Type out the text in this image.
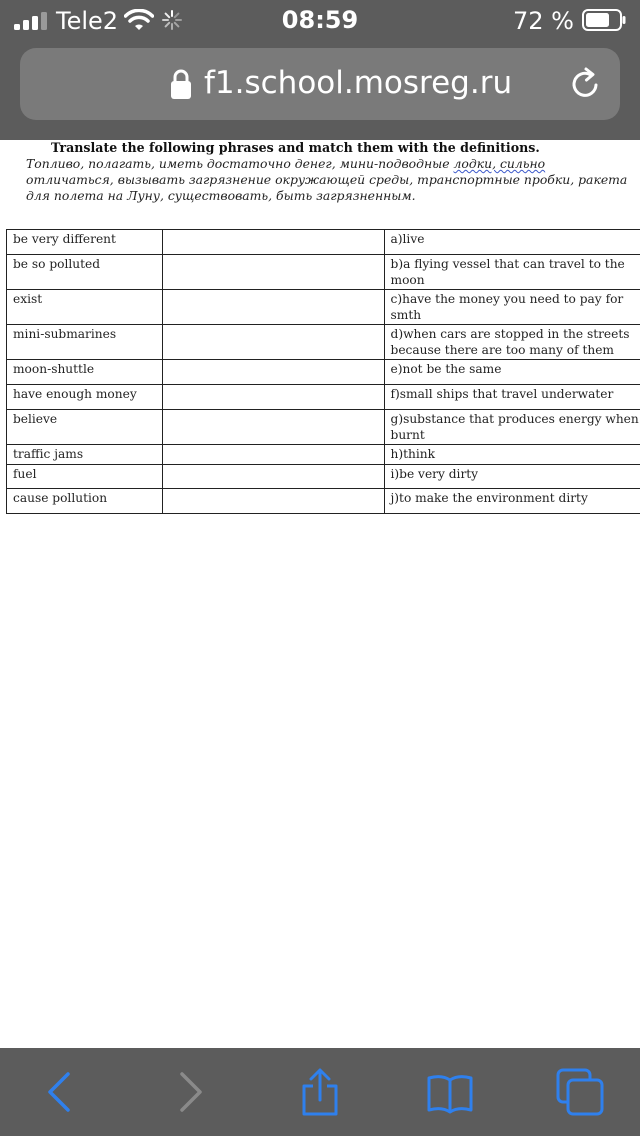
Tele2	08:59	72 %
f1.school.mosreg.ru
Translate the following phrases and match them with the definitions.
Топливо, полагать, иметь достаточно денег, мини-подводные лодки, сильно
отличаться, вызывать загрязнение окружающей среды, транспортные пробки, ракета
для полета на Луну, существовать, быть загрязненным.
be very different		a)live
be so polluted		b)a flying vessel that can travel to the moon
exist		c)have the money you need to pay for smth
mini-submarines		d)when cars are stopped in the streets because there are too many of them
moon-shuttle		e)not be the same
have enough money		f)small ships that travel underwater
believe		g)substance that produces energy when burnt
traffic jams		h)think
fuel		i)be very dirty
cause pollution		j)to make the environment dirty
